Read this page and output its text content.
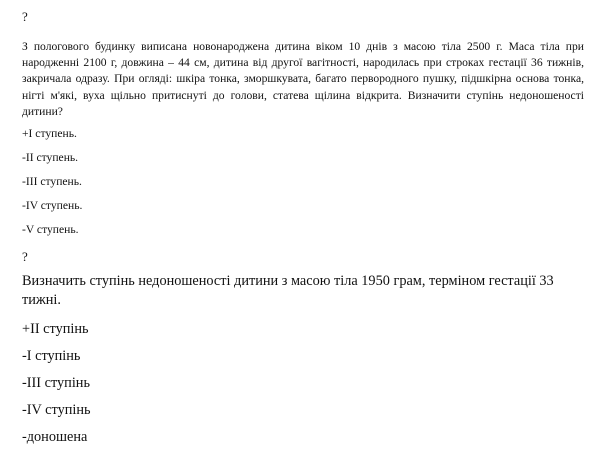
?

З пологового будинку виписана новонароджена дитина віком 10 днів з масою тіла 2500 г. Маса тіла при народженні 2100 г, довжина – 44 см, дитина від другої вагітності, народилась при строках гестації 36 тижнів, закричала одразу. При огляді: шкіра тонка, зморшкувата, багато первородного пушку, підшкірна основа тонка, нігті м'які, вуха щільно притиснуті до голови, статева щілина відкрита. Визначити ступінь недоношеності дитини?

+I ступень.
-II ступень.
-III ступень.
-IV ступень.
-V ступень.
?

Визначить ступінь недоношеності дитини з масою тіла 1950 грам, терміном гестації 33 тижні.

+II ступінь
-I ступінь
-III ступінь
-IV ступінь
-доношена
